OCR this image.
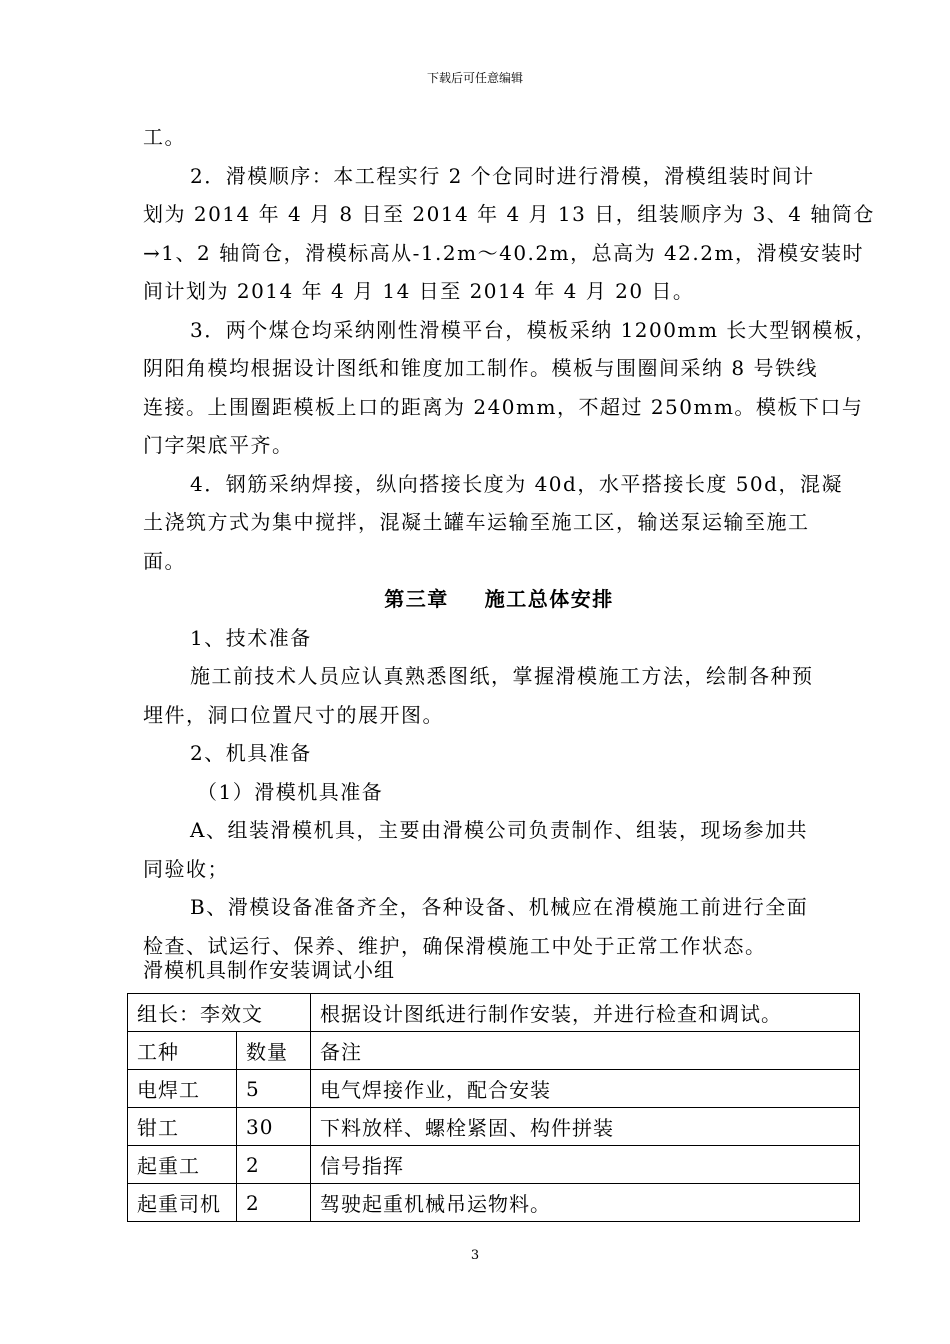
下载后可任意编辑
工。
2．滑模顺序：本工程实行 2 个仓同时进行滑模，滑模组装时间计
划为 2014 年 4 月 8 日至 2014 年 4 月 13 日，组装顺序为 3、4 轴筒仓
→1、2 轴筒仓，滑模标高从-1.2m～40.2m，总高为 42.2m，滑模安装时
间计划为 2014 年 4 月 14 日至 2014 年 4 月 20 日。
3．两个煤仓均采纳刚性滑模平台，模板采纳 1200mm 长大型钢模板，
阴阳角模均根据设计图纸和锥度加工制作。模板与围圈间采纳 8 号铁线
连接。上围圈距模板上口的距离为 240mm，不超过 250mm。模板下口与
门字架底平齐。
4．钢筋采纳焊接，纵向搭接长度为 40d，水平搭接长度 50d，混凝
土浇筑方式为集中搅拌，混凝土罐车运输至施工区，输送泵运输至施工
面。
第三章 施工总体安排
1、技术准备
施工前技术人员应认真熟悉图纸，掌握滑模施工方法，绘制各种预
埋件，洞口位置尺寸的展开图。
2、机具准备
（1）滑模机具准备
A、组装滑模机具，主要由滑模公司负责制作、组装，现场参加共
同验收；
B、滑模设备准备齐全，各种设备、机械应在滑模施工前进行全面
检查、试运行、保养、维护，确保滑模施工中处于正常工作状态。
滑模机具制作安装调试小组
组长：李效文		根据设计图纸进行制作安装，并进行检查和调试。
工种	数量	备注
电焊工	5	电气焊接作业，配合安装
钳工	30	下料放样、螺栓紧固、构件拼装
起重工	2	信号指挥
起重司机	2	驾驶起重机械吊运物料。
3
